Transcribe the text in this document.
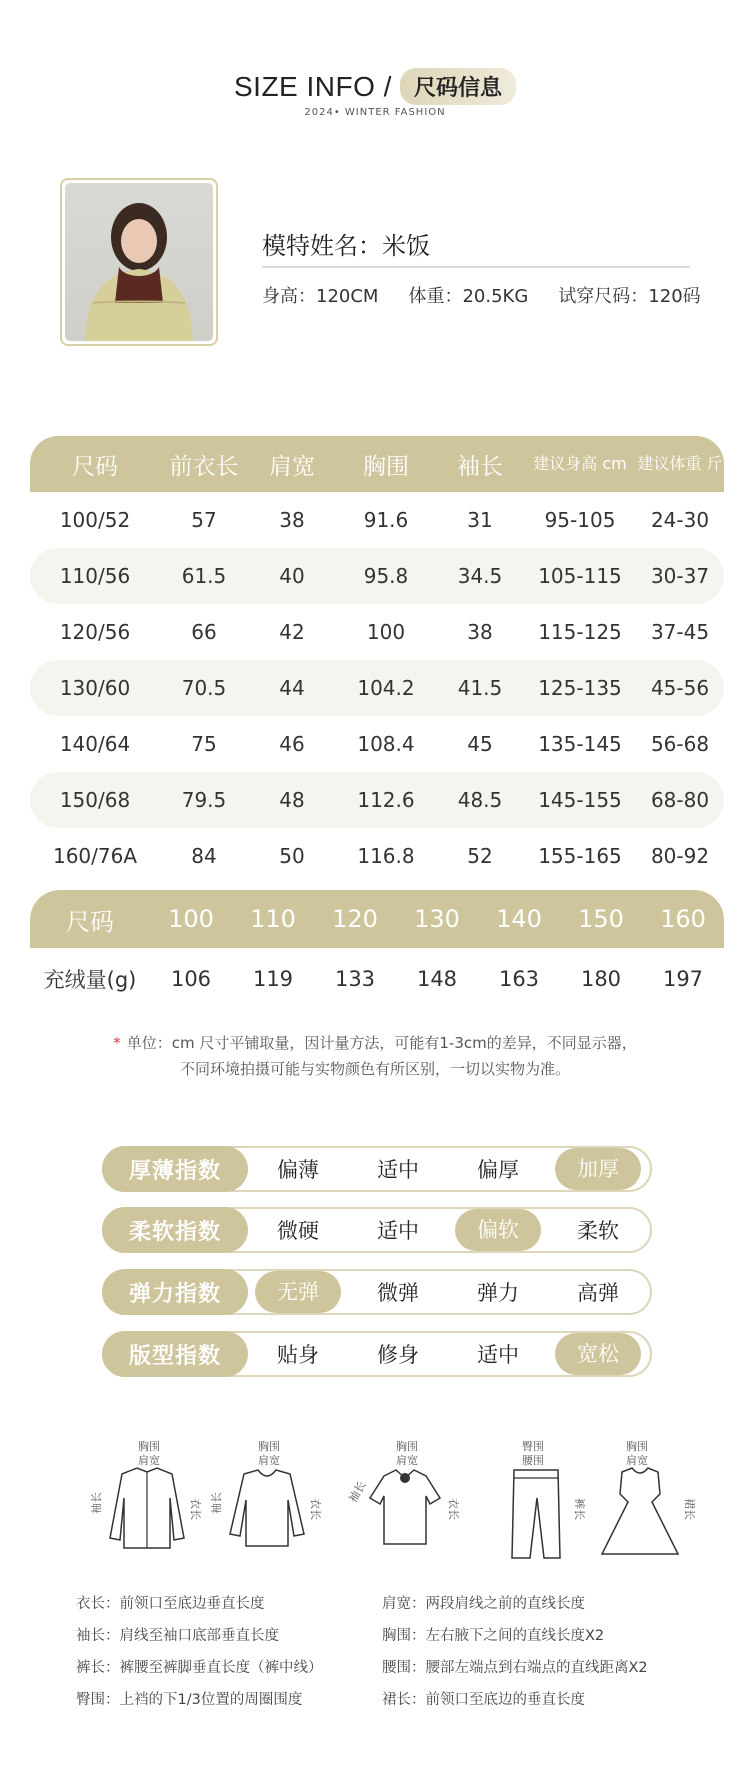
SIZE INFO /	尺码信息
2024• WINTER FASHION
模特姓名：米饭
身高：120CM 体重：20.5KG 试穿尺码：120码
尺码	前衣长	肩宽	胸围	袖长	建议身高 cm 建议体重 斤
100/52	57	38	91.6	31	95-105	24-30
110/56	61.5	40	95.8	34.5	105-115	30-37
120/56	66	42	100	38	115-125	37-45
130/60	70.5	44	104.2	41.5	125-135	45-56
140/64	75	46	108.4	45	135-145	56-68
150/68	79.5	48	112.6	48.5	145-155	68-80
160/76A	84	50	116.8	52	155-165	80-92
尺码	100	110	120	130	140	150	160
充绒量(g)	106	119	133	148	163	180	197
* 单位：cm 尺寸平铺取量，因计量方法，可能有1-3cm的差异，不同显示器，
不同环境拍摄可能与实物颜色有所区别，一切以实物为准。
厚薄指数	偏薄	适中	偏厚	加厚
柔软指数	微硬	适中	偏软	柔软
弹力指数	无弹	微弹	弹力	高弹
版型指数	贴身	修身	适中	宽松
胸围
肩宽
袖长	衣长
胸围
肩宽
袖长	衣长
胸围
肩宽
袖长
衣长
臀围
腰围
裤长
胸围
肩宽
裙长
衣长：前领口至底边垂直长度
袖长：肩线至袖口底部垂直长度
裤长：裤腰至裤脚垂直长度（裤中线）
臀围：上裆的下1/3位置的周圈围度
肩宽：两段肩线之前的直线长度
胸围：左右腋下之间的直线长度X2
腰围：腰部左端点到右端点的直线距离X2
裙长：前领口至底边的垂直长度
